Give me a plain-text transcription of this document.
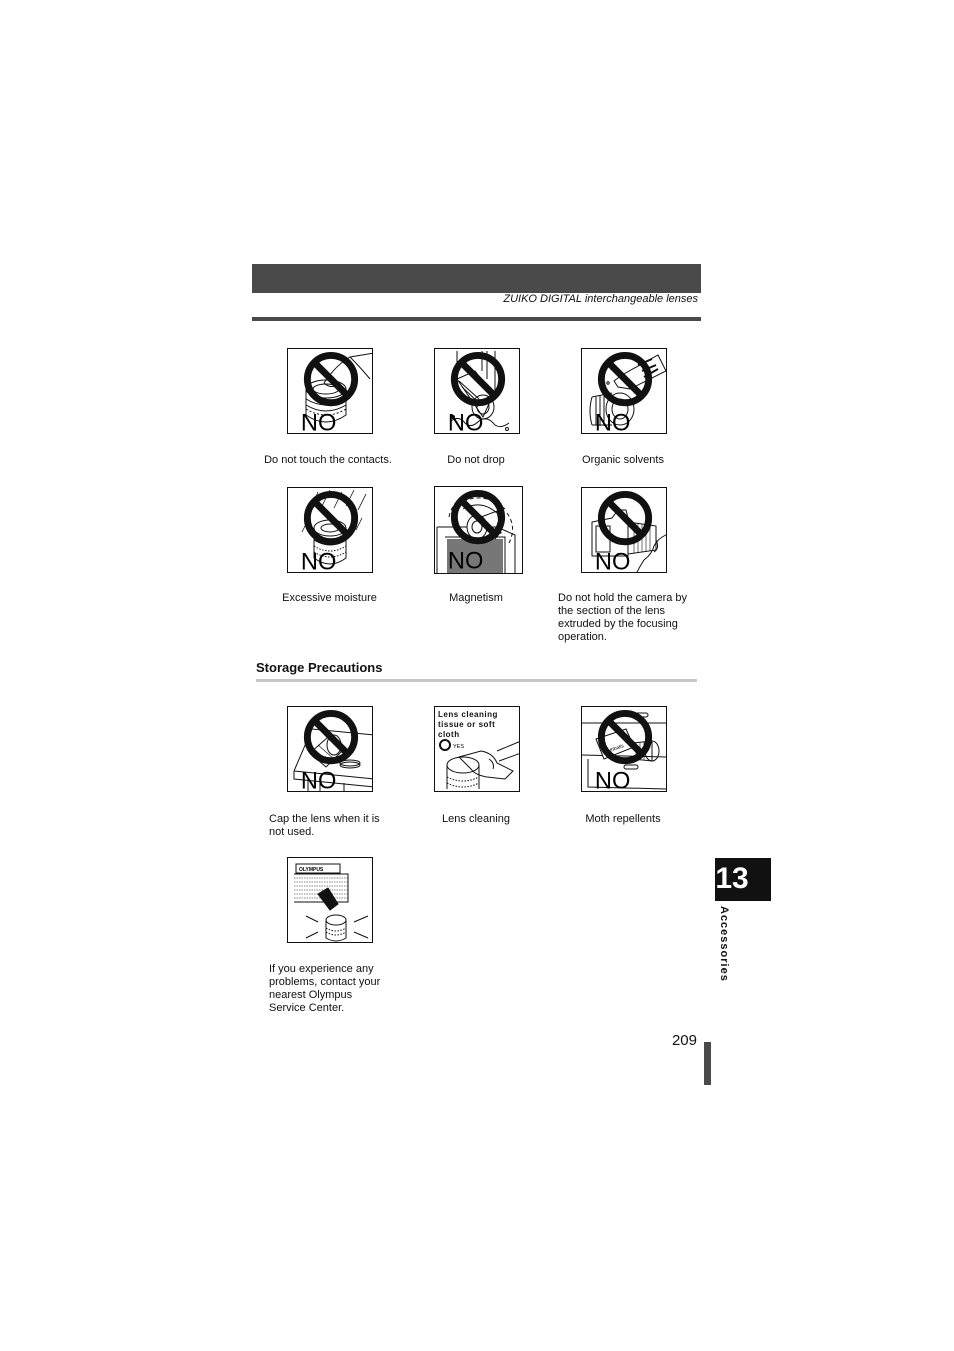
ZUIKO DIGITAL interchangeable lenses
NO
Do not touch the contacts.
NO
Do not drop
NO
Organic solvents
NO
Excessive moisture
NO
Magnetism
NO
Do not hold the camera by
the section of the lens
extruded by the focusing
operation.
Storage Precautions
NO
Cap the lens when it is
not used.
Lens cleaning
tissue or soft cloth
YES
Lens cleaning
Mothballs
NO
Moth repellents
OLYMPUS
If you experience any
problems, contact your
nearest Olympus
Service Center.
13
Accessories
209
